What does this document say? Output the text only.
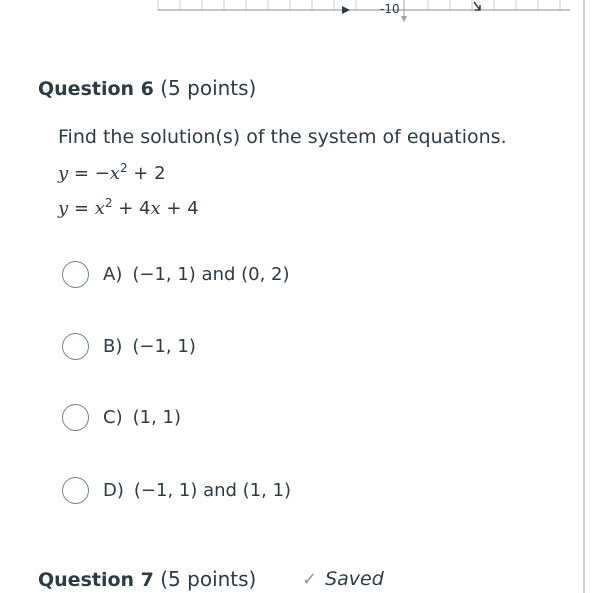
-10
Question 6 (5 points)
Find the solution(s) of the system of equations.
$y = -x^2 + 2$
$y = x^2 + 4x + 4$
A) (−1, 1) and (0, 2)
B) (−1, 1)
C) (1, 1)
D) (−1, 1) and (1, 1)
Question 7 (5 points)	✓ Saved
